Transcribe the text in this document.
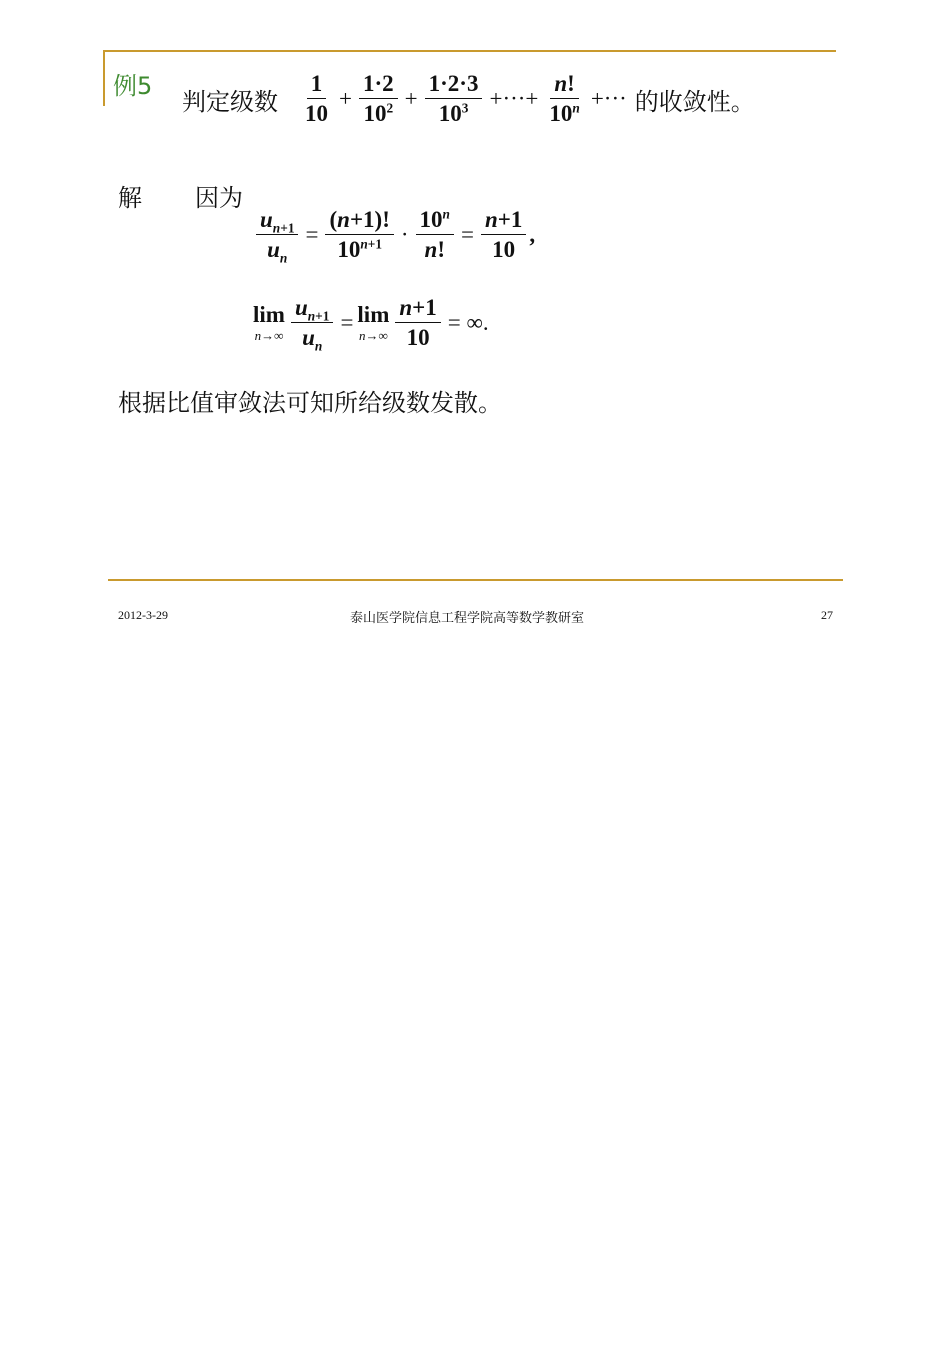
例5
判定级数 $\frac{1}{10} + \frac{1\cdot 2}{10^2} + \frac{1\cdot 2\cdot 3}{10^3}$ +···+ $\frac{n!}{10^n}$ +··· 的收敛性。
解 因为
$\frac{u_{n+1}}{u_n} = \frac{(n+1)!}{10^{n+1}} \cdot \frac{10^n}{n!} = \frac{n+1}{10}$ ,
lim
$n\to\infty \frac{u_{n+1}}{u_n} = \lim$
$n\to\infty \frac{n+1}{10}$ = ∞.
根据比值审敛法可知所给级数发散。
2012-3-29	泰山医学院信息工程学院高等数学教研室	27
